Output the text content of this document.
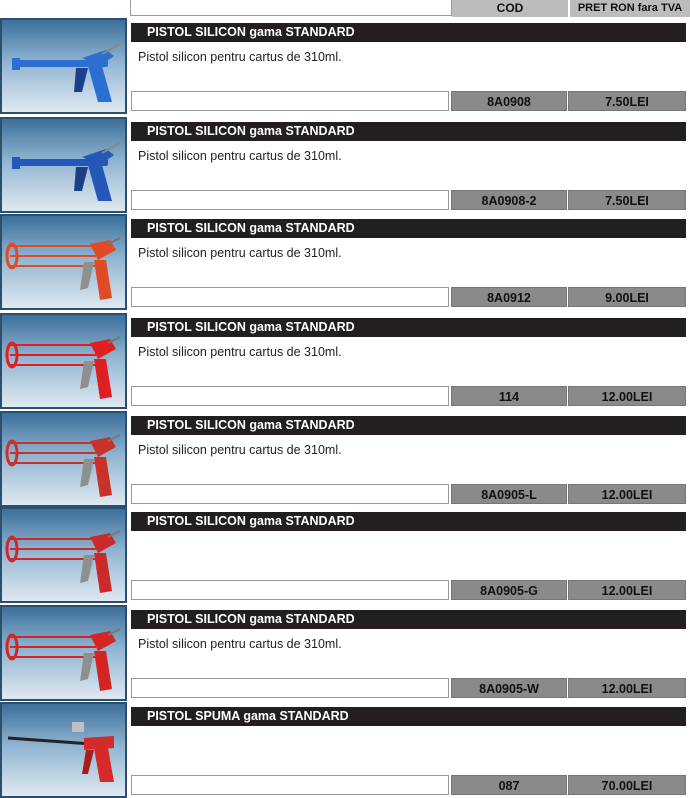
COD	PRET RON fara TVA
PISTOL SILICON gama STANDARD
Pistol silicon pentru cartus de 310ml.
8A0908	7.50LEI
PISTOL SILICON gama STANDARD
Pistol silicon pentru cartus de 310ml.
8A0908-2	7.50LEI
PISTOL SILICON gama STANDARD
Pistol silicon pentru cartus de 310ml.
8A0912	9.00LEI
PISTOL SILICON gama STANDARD
Pistol silicon pentru cartus de 310ml.
114	12.00LEI
PISTOL SILICON gama STANDARD
Pistol silicon pentru cartus de 310ml.
8A0905-L	12.00LEI
PISTOL SILICON gama STANDARD
8A0905-G	12.00LEI
PISTOL SILICON gama STANDARD
Pistol silicon pentru cartus de 310ml.
8A0905-W	12.00LEI
PISTOL SPUMA gama STANDARD
087	70.00LEI
